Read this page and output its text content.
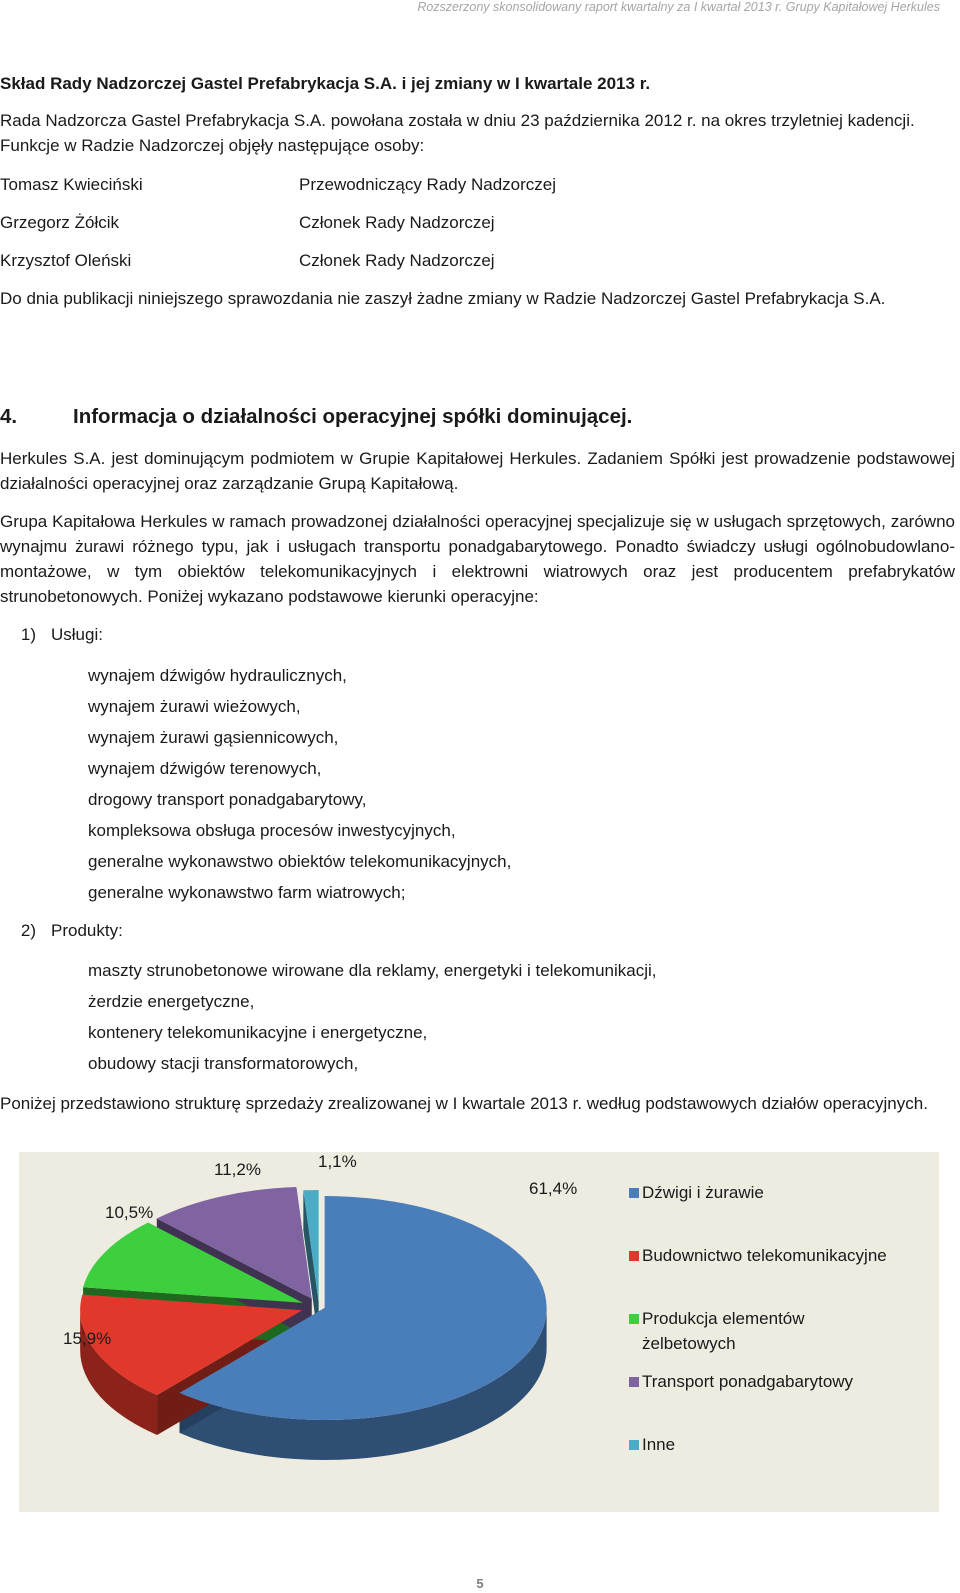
Rozszerzony skonsolidowany raport kwartalny za I kwartał 2013 r. Grupy Kapitałowej Herkules
Skład Rady Nadzorczej Gastel Prefabrykacja S.A. i jej zmiany w I kwartale 2013 r.
Rada Nadzorcza Gastel Prefabrykacja S.A. powołana została w dniu 23 października 2012 r. na okres trzyletniej kadencji. Funkcje w Radzie Nadzorczej objęły następujące osoby:
Tomasz Kwieciński	Przewodniczący Rady Nadzorczej
Grzegorz Żółcik	Członek Rady Nadzorczej
Krzysztof Oleński	Członek Rady Nadzorczej
Do dnia publikacji niniejszego sprawozdania nie zaszył żadne zmiany w Radzie Nadzorczej Gastel Prefabrykacja S.A.
4.	Informacja o działalności operacyjnej spółki dominującej.
Herkules S.A. jest dominującym podmiotem w Grupie Kapitałowej Herkules. Zadaniem Spółki jest prowadzenie podstawowej działalności operacyjnej oraz zarządzanie Grupą Kapitałową.
Grupa Kapitałowa Herkules w ramach prowadzonej działalności operacyjnej specjalizuje się w usługach sprzętowych, zarówno wynajmu żurawi różnego typu, jak i usługach transportu ponadgabarytowego. Ponadto świadczy usługi ogólnobudowlano-montażowe, w tym obiektów telekomunikacyjnych i elektrowni wiatrowych oraz jest producentem prefabrykatów strunobetonowych. Poniżej wykazano podstawowe kierunki operacyjne:
1) Usługi:
wynajem dźwigów hydraulicznych,
wynajem żurawi wieżowych,
wynajem żurawi gąsiennicowych,
wynajem dźwigów terenowych,
drogowy transport ponadgabarytowy,
kompleksowa obsługa procesów inwestycyjnych,
generalne wykonawstwo obiektów telekomunikacyjnych,
generalne wykonawstwo farm wiatrowych;
2) Produkty:
maszty strunobetonowe wirowane dla reklamy, energetyki i telekomunikacji,
żerdzie energetyczne,
kontenery telekomunikacyjne i energetyczne,
obudowy stacji transformatorowych,
Poniżej przedstawiono strukturę sprzedaży zrealizowanej w I kwartale 2013 r. według podstawowych działów operacyjnych.
61,4%
15,9%
10,5%
11,2%	1,1%
Dźwigi i żurawie
Budownictwo telekomunikacyjne
Produkcja elementów żelbetowych
Transport ponadgabarytowy
Inne
5
